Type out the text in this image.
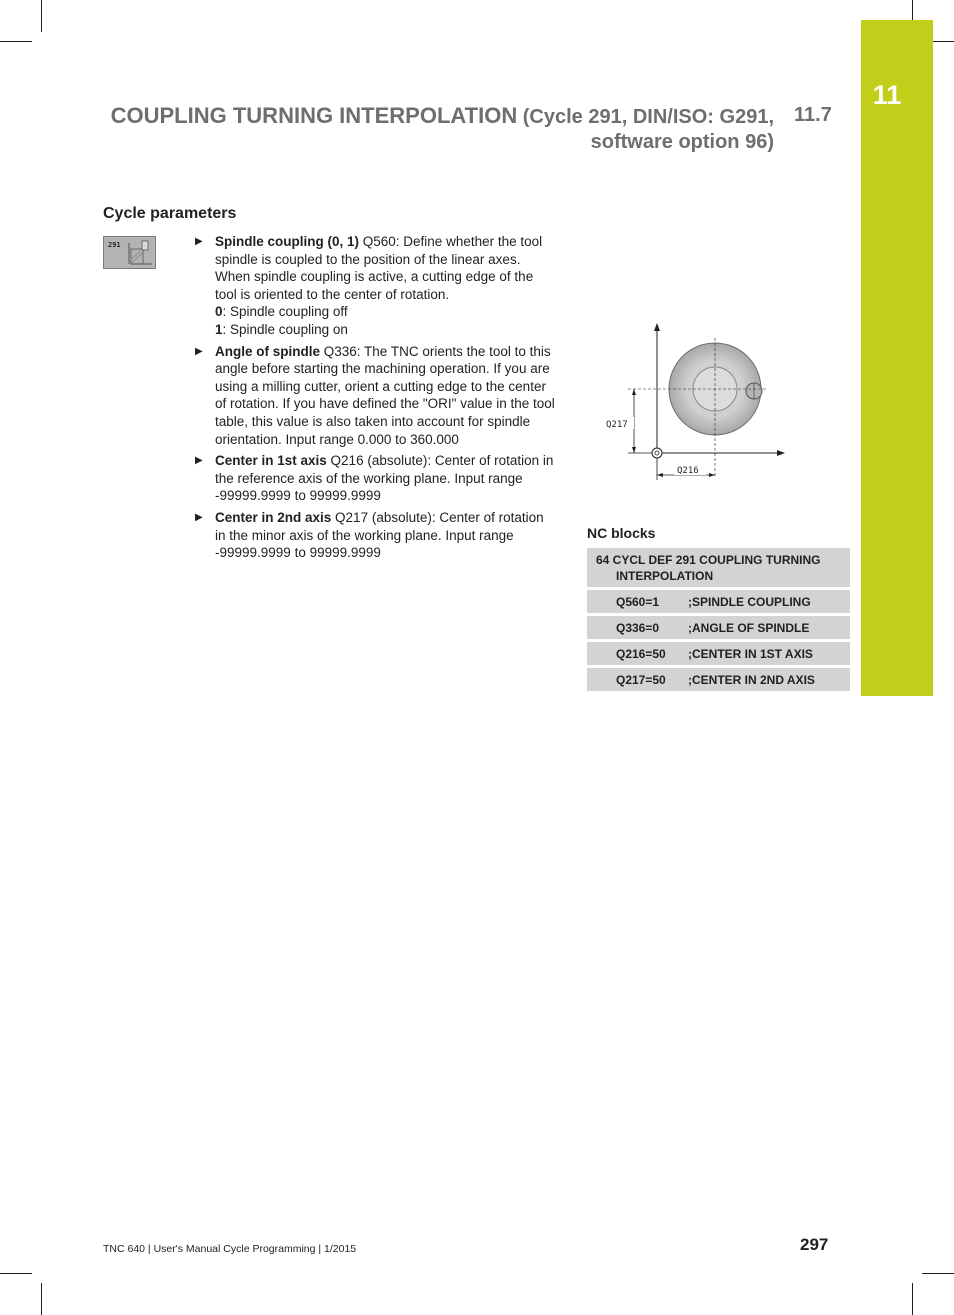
11
COUPLING TURNING INTERPOLATION (Cycle 291, DIN/ISO: G291,
software option 96)
11.7
Cycle parameters
291	▶ Spindle coupling (0, 1) Q560: Define whether the tool spindle is coupled to the position of the linear axes. When spindle coupling is active, a cutting edge of the tool is oriented to the center of rotation.
0: Spindle coupling off
1: Spindle coupling on
▶ Angle of spindle Q336: The TNC orients the tool to this angle before starting the machining operation. If you are using a milling cutter, orient a cutting edge to the center of rotation. If you have defined the "ORI" value in the tool table, this value is also taken into account for spindle orientation. Input range 0.000 to 360.000
▶ Center in 1st axis Q216 (absolute): Center of rotation in the reference axis of the working plane. Input range -99999.9999 to 99999.9999
▶ Center in 2nd axis Q217 (absolute): Center of rotation in the minor axis of the working plane. Input range -99999.9999 to 99999.9999
Q217
Q216
NC blocks
64 CYCL DEF 291 COUPLING TURNING INTERPOLATION
Q560=1	;SPINDLE COUPLING
Q336=0	;ANGLE OF SPINDLE
Q216=50	;CENTER IN 1ST AXIS
Q217=50	;CENTER IN 2ND AXIS
TNC 640 | User's Manual Cycle Programming | 1/2015	297
